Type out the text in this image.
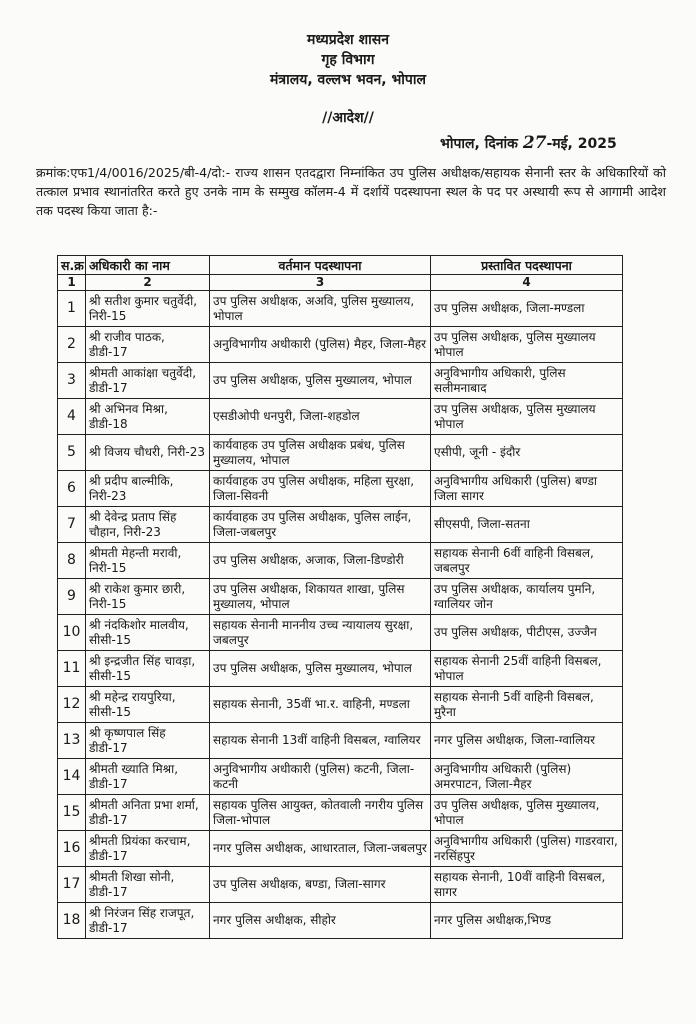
मध्यप्रदेश शासन
गृह विभाग
मंत्रालय, वल्लभ भवन, भोपाल
//आदेश//
भोपाल, दिनांक 27-मई, 2025
क्रमांक:एफ1/4/0016/2025/बी-4/दो:- राज्य शासन एतदद्वारा निम्नांकित उप पुलिस अधीक्षक/सहायक सेनानी स्तर के अधिकारियों को तत्काल प्रभाव स्थानांतरित करते हुए उनके नाम के सम्मुख कॉलम-4 में दर्शायें पदस्थापना स्थल के पद पर अस्थायी रूप से आगामी आदेश तक पदस्थ किया जाता है:-
स.क्र	अधिकारी का नाम	वर्तमान पदस्थापना	प्रस्तावित पदस्थापना
1	2	3	4
1	श्री सतीश कुमार चतुर्वेदी, निरी-15	उप पुलिस अधीक्षक, अअवि, पुलिस मुख्यालय, भोपाल	उप पुलिस अधीक्षक, जिला-मण्डला
2	श्री राजीव पाठक, डीडी-17	अनुविभागीय अधीकारी (पुलिस) मैहर, जिला-मैहर	उप पुलिस अधीक्षक, पुलिस मुख्यालय भोपाल
3	श्रीमती आकांक्षा चतुर्वेदी, डीडी-17	उप पुलिस अधीक्षक, पुलिस मुख्यालय, भोपाल	अनुविभागीय अधिकारी, पुलिस सलीमनाबाद
4	श्री अभिनव मिश्रा, डीडी-18	एसडीओपी धनपुरी, जिला-शहडोल	उप पुलिस अधीक्षक, पुलिस मुख्यालय भोपाल
5	श्री विजय चौधरी, निरी-23	कार्यवाहक उप पुलिस अधीक्षक प्रबंध, पुलिस मुख्यालय, भोपाल	एसीपी, जूनी - इंदौर
6	श्री प्रदीप बाल्मीकि, निरी-23	कार्यवाहक उप पुलिस अधीक्षक, महिला सुरक्षा, जिला-सिवनी	अनुविभागीय अधिकारी (पुलिस) बण्डा जिला सागर
7	श्री देवेन्द्र प्रताप सिंह चौहान, निरी-23	कार्यवाहक उप पुलिस अधीक्षक, पुलिस लाईन, जिला-जबलपुर	सीएसपी, जिला-सतना
8	श्रीमती मेहन्ती मरावी, निरी-15	उप पुलिस अधीक्षक, अजाक, जिला-डिण्डोरी	सहायक सेनानी 6वीं वाहिनी विसबल, जबलपुर
9	श्री राकेश कुमार छारी, निरी-15	उप पुलिस अधीक्षक, शिकायत शाखा, पुलिस मुख्यालय, भोपाल	उप पुलिस अधीक्षक, कार्यालय पुमनि, ग्वालियर जोन
10	श्री नंदकिशोर मालवीय, सीसी-15	सहायक सेनानी माननीय उच्च न्यायालय सुरक्षा, जबलपुर	उप पुलिस अधीक्षक, पीटीएस, उज्जैन
11	श्री इन्द्रजीत सिंह चावड़ा, सीसी-15	उप पुलिस अधीक्षक, पुलिस मुख्यालय, भोपाल	सहायक सेनानी 25वीं वाहिनी विसबल, भोपाल
12	श्री महेन्द्र रायपुरिया, सीसी-15	सहायक सेनानी, 35वीं भा.र. वाहिनी, मण्डला	सहायक सेनानी 5वीं वाहिनी विसबल, मुरैना
13	श्री कृष्णपाल सिंह डीडी-17	सहायक सेनानी 13वीं वाहिनी विसबल, ग्वालियर	नगर पुलिस अधीक्षक, जिला-ग्वालियर
14	श्रीमती ख्याति मिश्रा, डीडी-17	अनुविभागीय अधीकारी (पुलिस) कटनी, जिला-कटनी	अनुविभागीय अधिकारी (पुलिस) अमरपाटन, जिला-मैहर
15	श्रीमती अनिता प्रभा शर्मा, डीडी-17	सहायक पुलिस आयुक्त, कोतवाली नगरीय पुलिस जिला-भोपाल	उप पुलिस अधीक्षक, पुलिस मुख्यालय, भोपाल
16	श्रीमती प्रियंका करचाम, डीडी-17	नगर पुलिस अधीक्षक, आधारताल, जिला-जबलपुर	अनुविभागीय अधिकारी (पुलिस) गाडरवारा, नरसिंहपुर
17	श्रीमती शिखा सोनी, डीडी-17	उप पुलिस अधीक्षक, बण्डा, जिला-सागर	सहायक सेनानी, 10वीं वाहिनी विसबल, सागर
18	श्री निरंजन सिंह राजपूत, डीडी-17	नगर पुलिस अधीक्षक, सीहोर	नगर पुलिस अधीक्षक,भिण्ड
